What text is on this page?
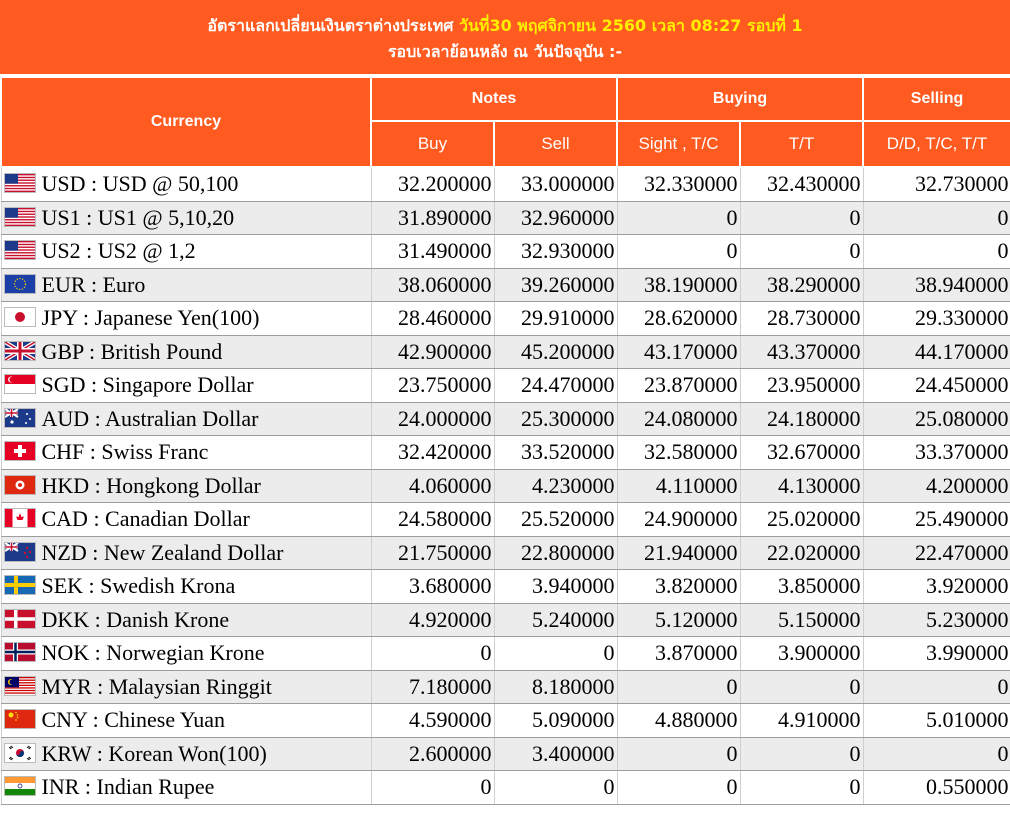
อัตราแลกเปลี่ยนเงินตราต่างประเทศ วันที่30 พฤศจิกายน 2560 เวลา 08:27 รอบที่ 1
รอบเวลาย้อนหลัง ณ วันปัจจุบัน :-
Currency	Notes		Buying		Selling
	Buy	Sell	Sight , T/C	T/T	D/D, T/C, T/T

USD : USD @ 50,100	32.200000	33.000000	32.330000	32.430000	32.730000

US1 : US1 @ 5,10,20	31.890000	32.960000	0	0	0

US2 : US2 @ 1,2	31.490000	32.930000	0	0	0

EUR : Euro	38.060000	39.260000	38.190000	38.290000	38.940000

JPY : Japanese Yen(100)	28.460000	29.910000	28.620000	28.730000	29.330000

GBP : British Pound	42.900000	45.200000	43.170000	43.370000	44.170000

SGD : Singapore Dollar	23.750000	24.470000	23.870000	23.950000	24.450000

AUD : Australian Dollar	24.000000	25.300000	24.080000	24.180000	25.080000

CHF : Swiss Franc	32.420000	33.520000	32.580000	32.670000	33.370000

HKD : Hongkong Dollar	4.060000	4.230000	4.110000	4.130000	4.200000

CAD : Canadian Dollar	24.580000	25.520000	24.900000	25.020000	25.490000

NZD : New Zealand Dollar	21.750000	22.800000	21.940000	22.020000	22.470000

SEK : Swedish Krona	3.680000	3.940000	3.820000	3.850000	3.920000

DKK : Danish Krone	4.920000	5.240000	5.120000	5.150000	5.230000

NOK : Norwegian Krone	0	0	3.870000	3.900000	3.990000

MYR : Malaysian Ringgit	7.180000	8.180000	0	0	0

CNY : Chinese Yuan	4.590000	5.090000	4.880000	4.910000	5.010000

KRW : Korean Won(100)	2.600000	3.400000	0	0	0

INR : Indian Rupee	0	0	0	0	0.550000
